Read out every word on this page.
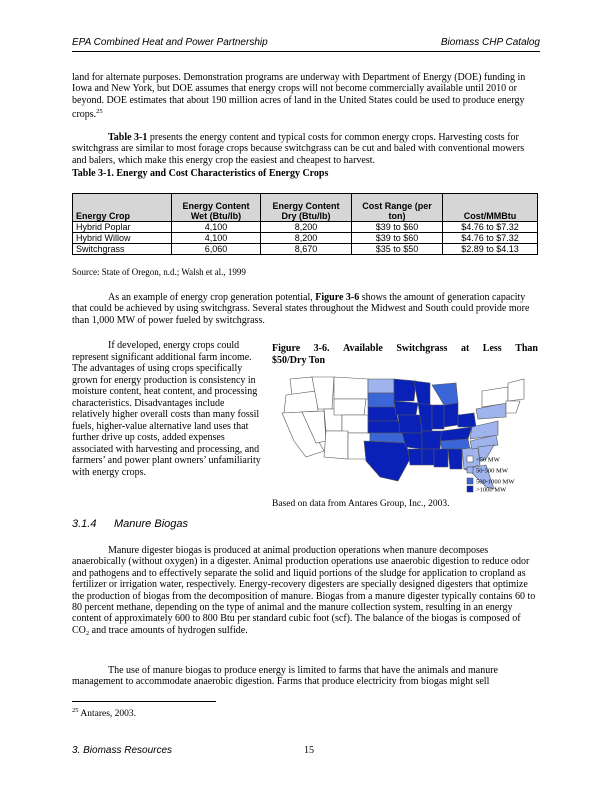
EPA Combined Heat and Power Partnership	Biomass CHP Catalog

land for alternate purposes. Demonstration programs are underway with Department of Energy (DOE) funding in Iowa and New York, but DOE assumes that energy crops will not become commercially available until 2010 or beyond. DOE estimates that about 190 million acres of land in the United States could be used to produce energy crops.$^{25}$

Table 3-1 presents the energy content and typical costs for common energy crops. Harvesting costs for switchgrass are similar to most forage crops because switchgrass can be cut and baled with conventional mowers and balers, which make this energy crop the easiest and cheapest to harvest.

Table 3-1. Energy and Cost Characteristics of Energy Crops

Energy Crop	Energy Content Wet (Btu/lb)	Energy Content Dry (Btu/lb)	Cost Range (per ton)	Cost/MMBtu
Hybrid Poplar	4,100	8,200	$39 to $60	$4.76 to $7.32
Hybrid Willow	4,100	8,200	$39 to $60	$4.76 to $7.32
Switchgrass	6,060	8,670	$35 to $50	$2.89 to $4.13
Source: State of Oregon, n.d.; Walsh et al., 1999

As an example of energy crop generation potential, Figure 3-6 shows the amount of generation capacity that could be achieved by using switchgrass. Several states throughout the Midwest and South could provide more than 1,000 MW of power fueled by switchgrass.

If developed, energy crops could represent significant additional farm income. The advantages of using crops specifically grown for energy production is consistency in moisture content, heat content, and processing characteristics. Disadvantages include relatively higher overall costs than many fossil fuels, higher-value alternative land uses that further drive up costs, added expenses associated with harvesting and processing, and farmers’ and power plant owners’ unfamiliarity with energy crops.

Figure 3-6. Available Switchgrass at Less Than
$50/Dry Ton
<50 MW
50-500 MW
500-1000 MW
>1000 MW
Based on data from Antares Group, Inc., 2003.
3.1.4 Manure Biogas

Manure digester biogas is produced at animal production operations when manure decomposes anaerobically (without oxygen) in a digester. Animal production operations use anaerobic digestion to reduce odor and pathogens and to effectively separate the solid and liquid portions of the sludge for application to cropland as fertilizer or irrigation water, respectively. Energy-recovery digesters are specially designed digesters that optimize the production of biogas from the decomposition of manure. Biogas from a manure digester typically contains 60 to 80 percent methane, depending on the type of animal and the manure collection system, resulting in an energy content of approximately 600 to 800 Btu per standard cubic foot (scf). The balance of the biogas is composed of $CO_2$ and trace amounts of hydrogen sulfide.

The use of manure biogas to produce energy is limited to farms that have the animals and manure management to accommodate anaerobic digestion. Farms that produce electricity from biogas might sell

$^{25}$ Antares, 2003.
3. Biomass Resources	15
